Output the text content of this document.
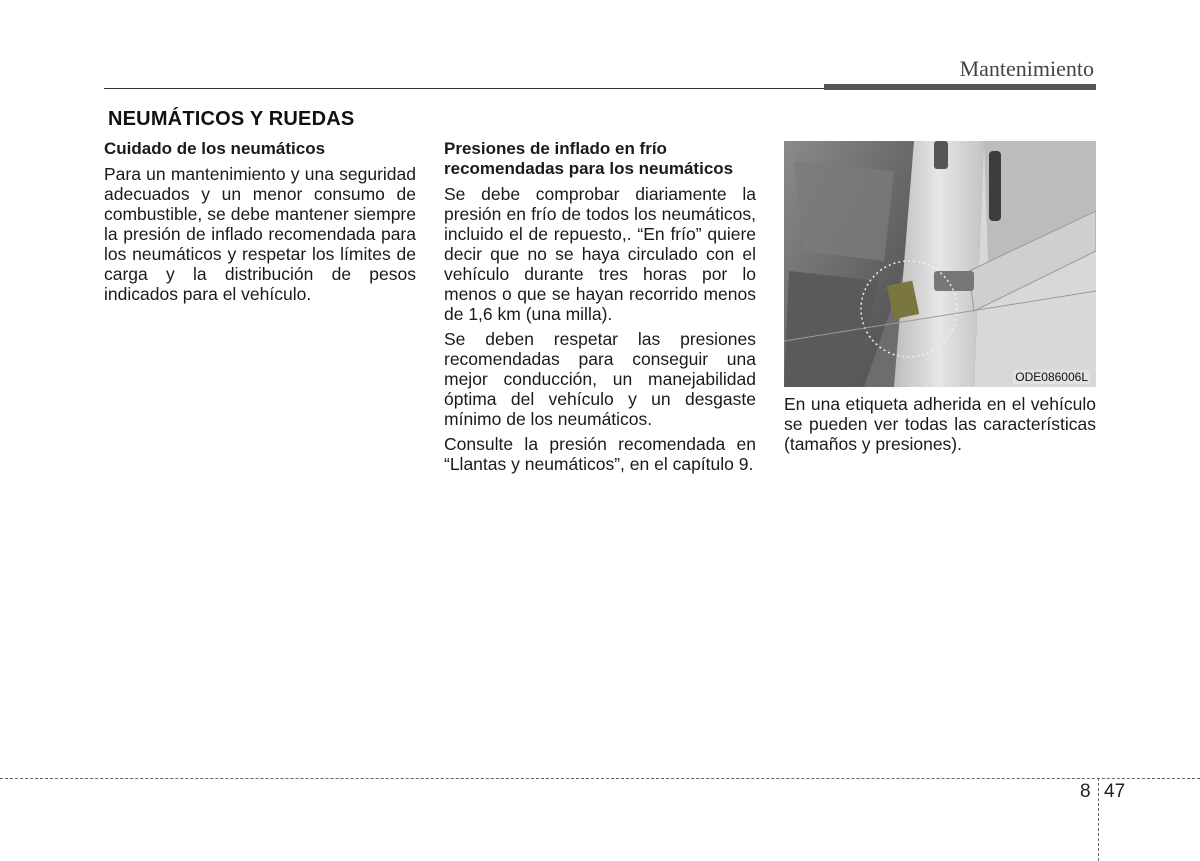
Mantenimiento
NEUMÁTICOS Y RUEDAS
Cuidado de los neumáticos

Para un mantenimiento y una seguridad adecuados y un menor consumo de combustible, se debe mantener siempre la presión de inflado recomendada para los neumáticos y respetar los límites de carga y la distribución de pesos indicados para el vehículo.

Presiones de inflado en frío recomendadas para los neumáticos

Se debe comprobar diariamente la presión en frío de todos los neumáticos, incluido el de repuesto,. “En frío” quiere decir que no se haya circulado con el vehículo durante tres horas por lo menos o que se hayan recorrido menos de 1,6 km (una milla).

Se deben respetar las presiones recomendadas para conseguir una mejor conducción, un manejabilidad óptima del vehículo y un desgaste mínimo de los neumáticos.

Consulte la presión recomendada en “Llantas y neumáticos”, en el capítulo 9.

ODE086006L

En una etiqueta adherida en el vehículo se pueden ver todas las características (tamaños y presiones).

8 47
